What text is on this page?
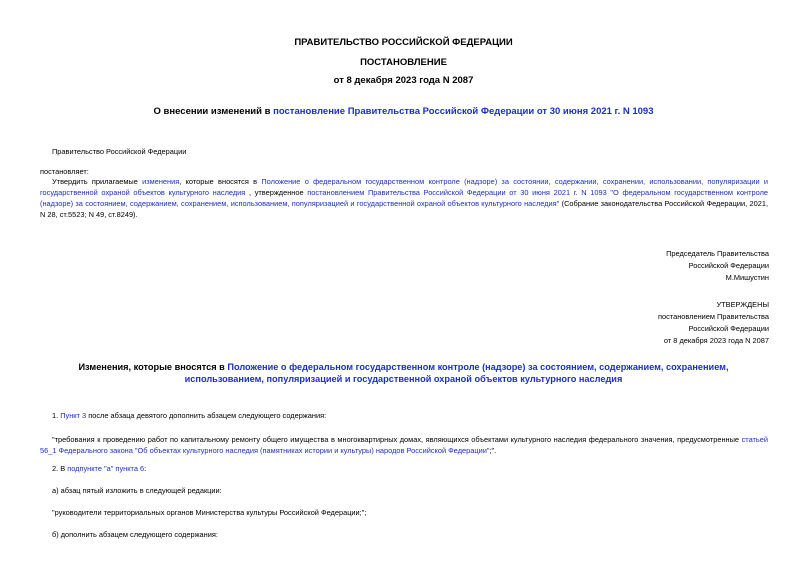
ПРАВИТЕЛЬСТВО РОССИЙСКОЙ ФЕДЕРАЦИИ
ПОСТАНОВЛЕНИЕ
от 8 декабря 2023 года N 2087
О внесении изменений в постановление Правительства Российской Федерации от 30 июня 2021 г. N 1093
Правительство Российской Федерации
постановляет:
Утвердить прилагаемые изменения, которые вносятся в Положение о федеральном государственном контроле (надзоре) за состоянии, содержании, сохранении, использовании, популяризации и государственной охраной объектов культурного наследия , утвержденное постановлением Правительства Российской Федерации от 30 июня 2021 г. N 1093 "О федеральном государственном контроле (надзоре) за состоянием, содержанием, сохранением, использованием, популяризацией и государственной охраной объектов культурного наследия" (Собрание законодательства Российской Федерации, 2021, N 28, ст.5523; N 49, ст.8249).
Председатель Правительства
Российской Федерации
М.Мишустин
УТВЕРЖДЕНЫ
постановлением Правительства
Российской Федерации
от 8 декабря 2023 года N 2087
Изменения, которые вносятся в Положение о федеральном государственном контроле (надзоре) за состоянием, содержанием, сохранением, использованием, популяризацией и государственной охраной объектов культурного наследия
1. Пункт 3 после абзаца девятого дополнить абзацем следующего содержания:
"требования к проведению работ по капитальному ремонту общего имущества в многоквартирных домах, являющихся объектами культурного наследия федерального значения, предусмотренные статьей 56_1 Федерального закона "Об объектах культурного наследия (памятниках истории и культуры) народов Российской Федерации";".
2. В подпункте "а" пункта 6:
а) абзац пятый изложить в следующей редакции:
"руководители территориальных органов Министерства культуры Российской Федерации;";
б) дополнить абзацем следующего содержания:
